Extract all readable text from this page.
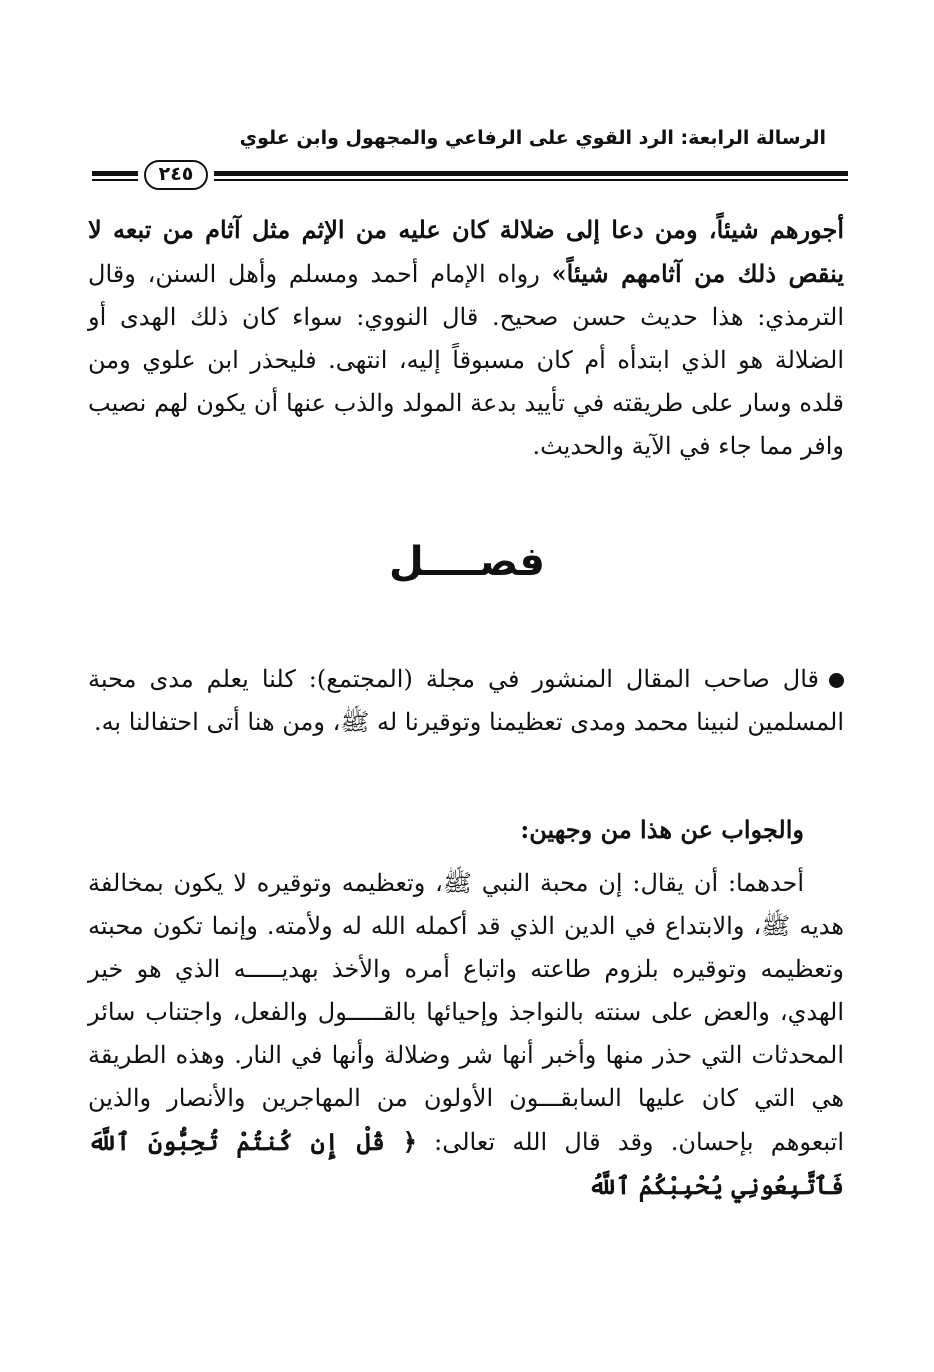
الرسالة الرابعة: الرد القوي على الرفاعي والمجهول وابن علوي
٢٤٥
أجورهم شيئاً، ومن دعا إلى ضلالة كان عليه من الإثم مثل آثام من تبعه لا ينقص ذلك من آثامهم شيئاً» رواه الإمام أحمد ومسلم وأهل السنن، وقال الترمذي: هذا حديث حسن صحيح. قال النووي: سواء كان ذلك الهدى أو الضلالة هو الذي ابتدأه أم كان مسبوقاً إليه، انتهى. فليحذر ابن علوي ومن قلده وسار على طريقته في تأييد بدعة المولد والذب عنها أن يكون لهم نصيب وافر مما جاء في الآية والحديث.
فصــــل
قال صاحب المقال المنشور في مجلة (المجتمع): كلنا يعلم مدى محبة المسلمين لنبينا محمد ومدى تعظيمنا وتوقيرنا له ﷺ، ومن هنا أتى احتفالنا به.
والجواب عن هذا من وجهين:
أحدهما: أن يقال: إن محبة النبي ﷺ، وتعظيمه وتوقيره لا يكون بمخالفة هديه ﷺ، والابتداع في الدين الذي قد أكمله الله له ولأمته. وإنما تكون محبته وتعظيمه وتوقيره بلزوم طاعته واتباع أمره والأخذ بهديـــــه الذي هو خير الهدي، والعض على سنته بالنواجذ وإحيائها بالقـــــول والفعل، واجتناب سائر المحدثات التي حذر منها وأخبر أنها شر وضلالة وأنها في النار. وهذه الطريقة هي التي كان عليها السابقـــون الأولون من المهاجرين والأنصار والذين اتبعوهم بإحسان. وقد قال الله تعالى: ﴿ قُلْ إِن كُنتُمْ تُحِبُّونَ ٱللَّهَ فَٱتَّبِعُونِي يُحْبِبْكُمُ ٱللَّهُ
